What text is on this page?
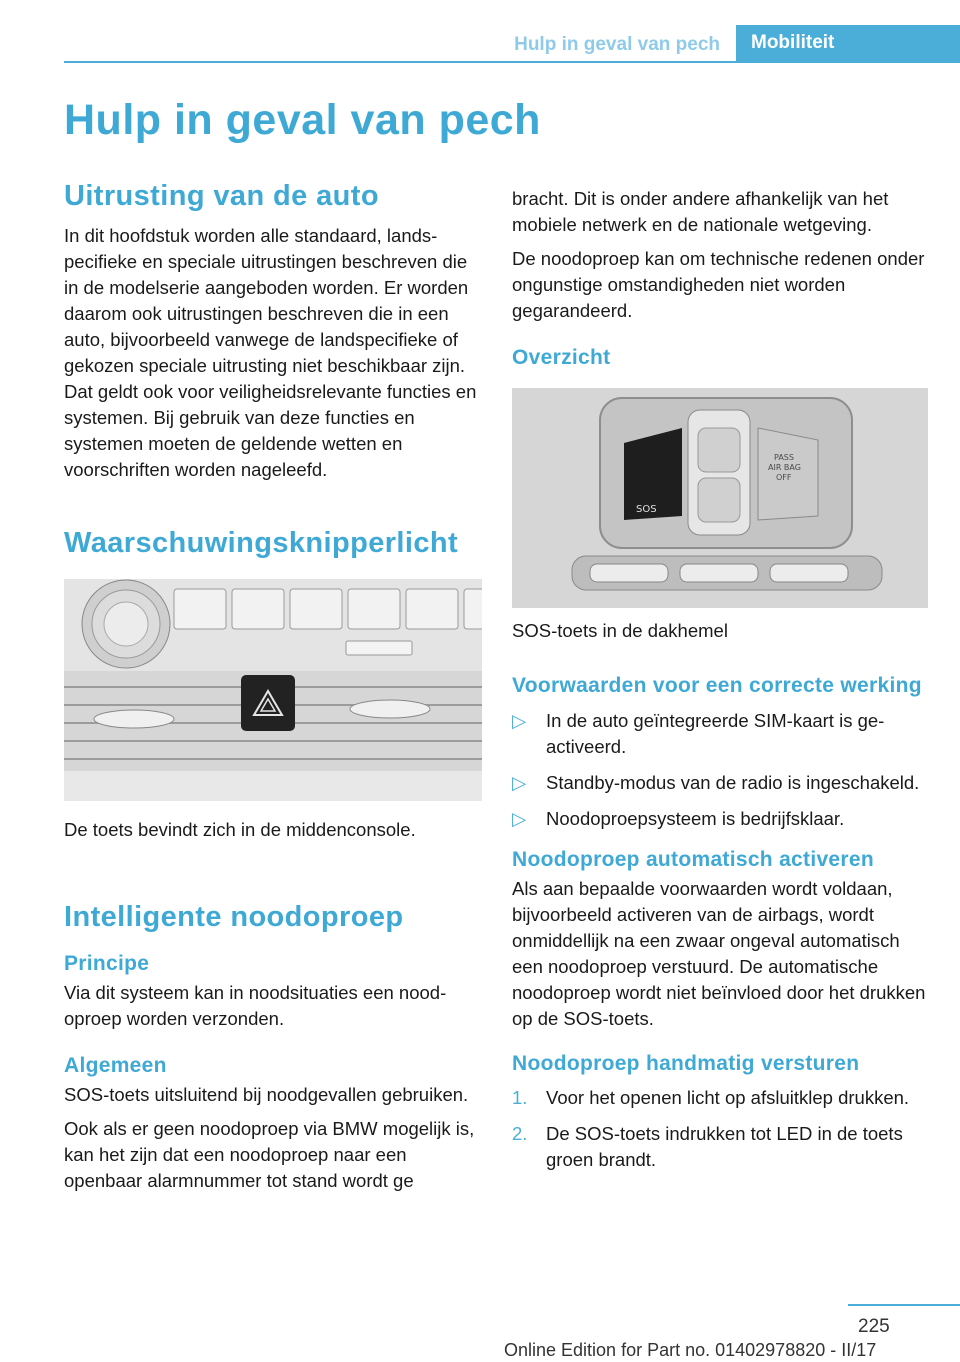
Hulp in geval van pech	Mobiliteit
Hulp in geval van pech
Uitrusting van de auto

In dit hoofdstuk worden alle standaard, landspecifieke en speciale uitrustingen beschreven die in de modelserie aangeboden worden. Er worden daarom ook uitrustingen beschreven die in een auto, bijvoorbeeld vanwege de landspecifieke of gekozen speciale uitrusting niet beschikbaar zijn. Dat geldt ook voor veiligheidsrelevante functies en systemen. Bij gebruik van deze functies en systemen moeten de geldende wetten en voorschriften worden nageleefd.

Waarschuwingsknipperlicht

De toets bevindt zich in de middenconsole.

Intelligente noodoproep
Principe

Via dit systeem kan in noodsituaties een noodoproep worden verzonden.

Algemeen

SOS-toets uitsluitend bij noodgevallen gebruiken.

Ook als er geen noodoproep via BMW mogelijk is, kan het zijn dat een noodoproep naar een openbaar alarmnummer tot stand wordt ge

bracht. Dit is onder andere afhankelijk van het mobiele netwerk en de nationale wetgeving.

De noodoproep kan om technische redenen onder ongunstige omstandigheden niet worden gegarandeerd.

Overzicht
SOS
PASS
AIR BAG
OFF

SOS-toets in de dakhemel

Voorwaarden voor een correcte werking
▷ In de auto geïntegreerde SIM-kaart is geactiveerd.
▷ Standby-modus van de radio is ingeschakeld.
▷ Noodoproepsysteem is bedrijfsklaar.
Noodoproep automatisch activeren

Als aan bepaalde voorwaarden wordt voldaan, bijvoorbeeld activeren van de airbags, wordt onmiddellijk na een zwaar ongeval automatisch een noodoproep verstuurd. De automatische noodoproep wordt niet beïnvloed door het drukken op de SOS-toets.

Noodoproep handmatig versturen
1. Voor het openen licht op afsluitklep drukken.
2. De SOS-toets indrukken tot LED in de toets groen brandt.
225
Online Edition for Part no. 01402978820 - II/17
